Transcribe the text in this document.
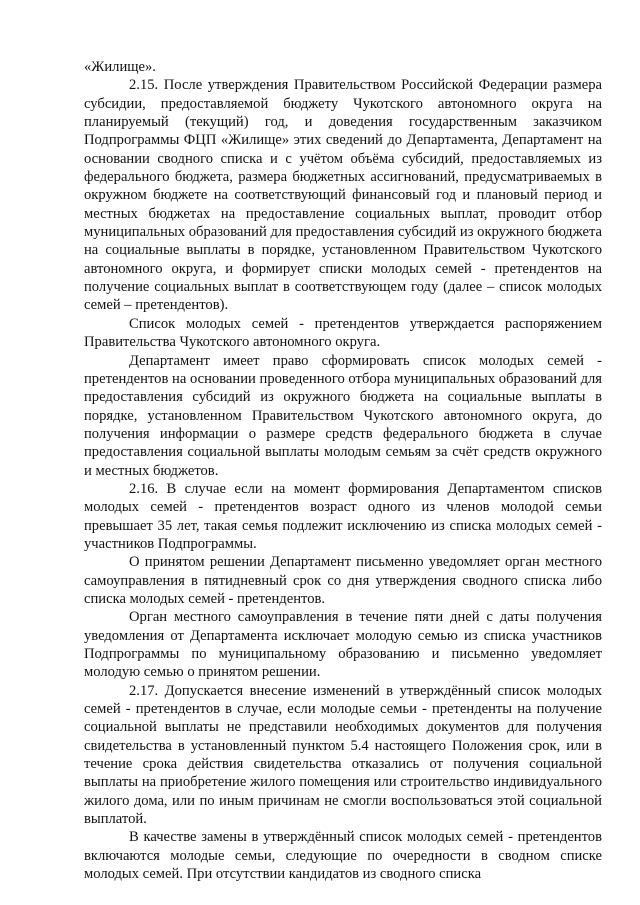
«Жилище».

2.15. После утверждения Правительством Российской Федерации размера субсидии, предоставляемой бюджету Чукотского автономного округа на планируемый (текущий) год, и доведения государственным заказчиком Подпрограммы ФЦП «Жилище» этих сведений до Департамента, Департамент на основании сводного списка и с учётом объёма субсидий, предоставляемых из федерального бюджета, размера бюджетных ассигнований, предусматриваемых в окружном бюджете на соответствующий финансовый год и плановый период и местных бюджетах на предоставление социальных выплат, проводит отбор муниципальных образований для предоставления субсидий из окружного бюджета на социальные выплаты в порядке, установленном Правительством Чукотского автономного округа, и формирует списки молодых семей - претендентов на получение социальных выплат в соответствующем году (далее – список молодых семей – претендентов).

Список молодых семей - претендентов утверждается распоряжением Правительства Чукотского автономного округа.

Департамент имеет право сформировать список молодых семей - претендентов на основании проведенного отбора муниципальных образований для предоставления субсидий из окружного бюджета на социальные выплаты в порядке, установленном Правительством Чукотского автономного округа, до получения информации о размере средств федерального бюджета в случае предоставления социальной выплаты молодым семьям за счёт средств окружного и местных бюджетов.

2.16. В случае если на момент формирования Департаментом списков молодых семей - претендентов возраст одного из членов молодой семьи превышает 35 лет, такая семья подлежит исключению из списка молодых семей - участников Подпрограммы.

О принятом решении Департамент письменно уведомляет орган местного самоуправления в пятидневный срок со дня утверждения сводного списка либо списка молодых семей - претендентов.

Орган местного самоуправления в течение пяти дней с даты получения уведомления от Департамента исключает молодую семью из списка участников Подпрограммы по муниципальному образованию и письменно уведомляет молодую семью о принятом решении.

2.17. Допускается внесение изменений в утверждённый список молодых семей - претендентов в случае, если молодые семьи - претенденты на получение социальной выплаты не представили необходимых документов для получения свидетельства в установленный пунктом 5.4 настоящего Положения срок, или в течение срока действия свидетельства отказались от получения социальной выплаты на приобретение жилого помещения или строительство индивидуального жилого дома, или по иным причинам не смогли воспользоваться этой социальной выплатой.

В качестве замены в утверждённый список молодых семей - претендентов включаются молодые семьи, следующие по очередности в сводном списке молодых семей. При отсутствии кандидатов из сводного списка
